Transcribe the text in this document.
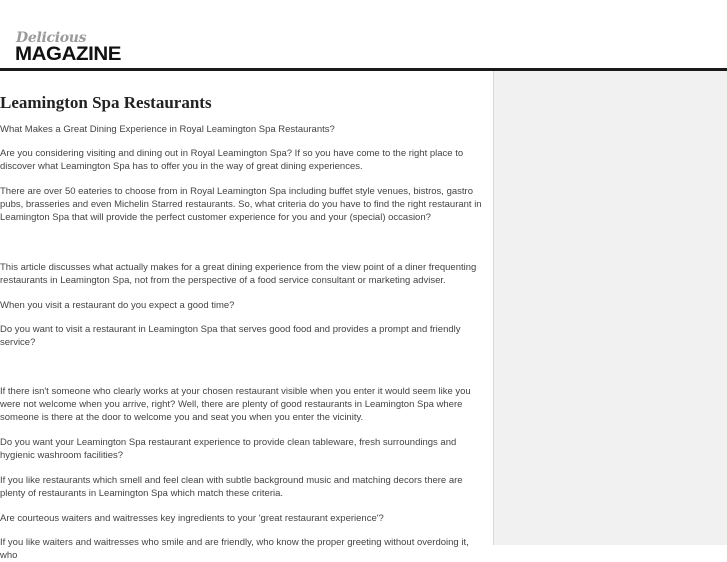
Delicious
MAGAZINE
Leamington Spa Restaurants

What Makes a Great Dining Experience in Royal Leamington Spa Restaurants?

Are you considering visiting and dining out in Royal Leamington Spa? If so you have come to the right place to discover what Leamington Spa has to offer you in the way of great dining experiences.

There are over 50 eateries to choose from in Royal Leamington Spa including buffet style venues, bistros, gastro pubs, brasseries and even Michelin Starred restaurants. So, what criteria do you have to find the right restaurant in Leamington Spa that will provide the perfect customer experience for you and your (special) occasion?

This article discusses what actually makes for a great dining experience from the view point of a diner frequenting restaurants in Leamington Spa, not from the perspective of a food service consultant or marketing adviser.

When you visit a restaurant do you expect a good time?

Do you want to visit a restaurant in Leamington Spa that serves good food and provides a prompt and friendly service?

If there isn't someone who clearly works at your chosen restaurant visible when you enter it would seem like you were not welcome when you arrive, right? Well, there are plenty of good restaurants in Leamington Spa where someone is there at the door to welcome you and seat you when you enter the vicinity.

Do you want your Leamington Spa restaurant experience to provide clean tableware, fresh surroundings and hygienic washroom facilities?

If you like restaurants which smell and feel clean with subtle background music and matching decors there are plenty of restaurants in Leamington Spa which match these criteria.

Are courteous waiters and waitresses key ingredients to your 'great restaurant experience'?

If you like waiters and waitresses who smile and are friendly, who know the proper greeting without overdoing it, who
